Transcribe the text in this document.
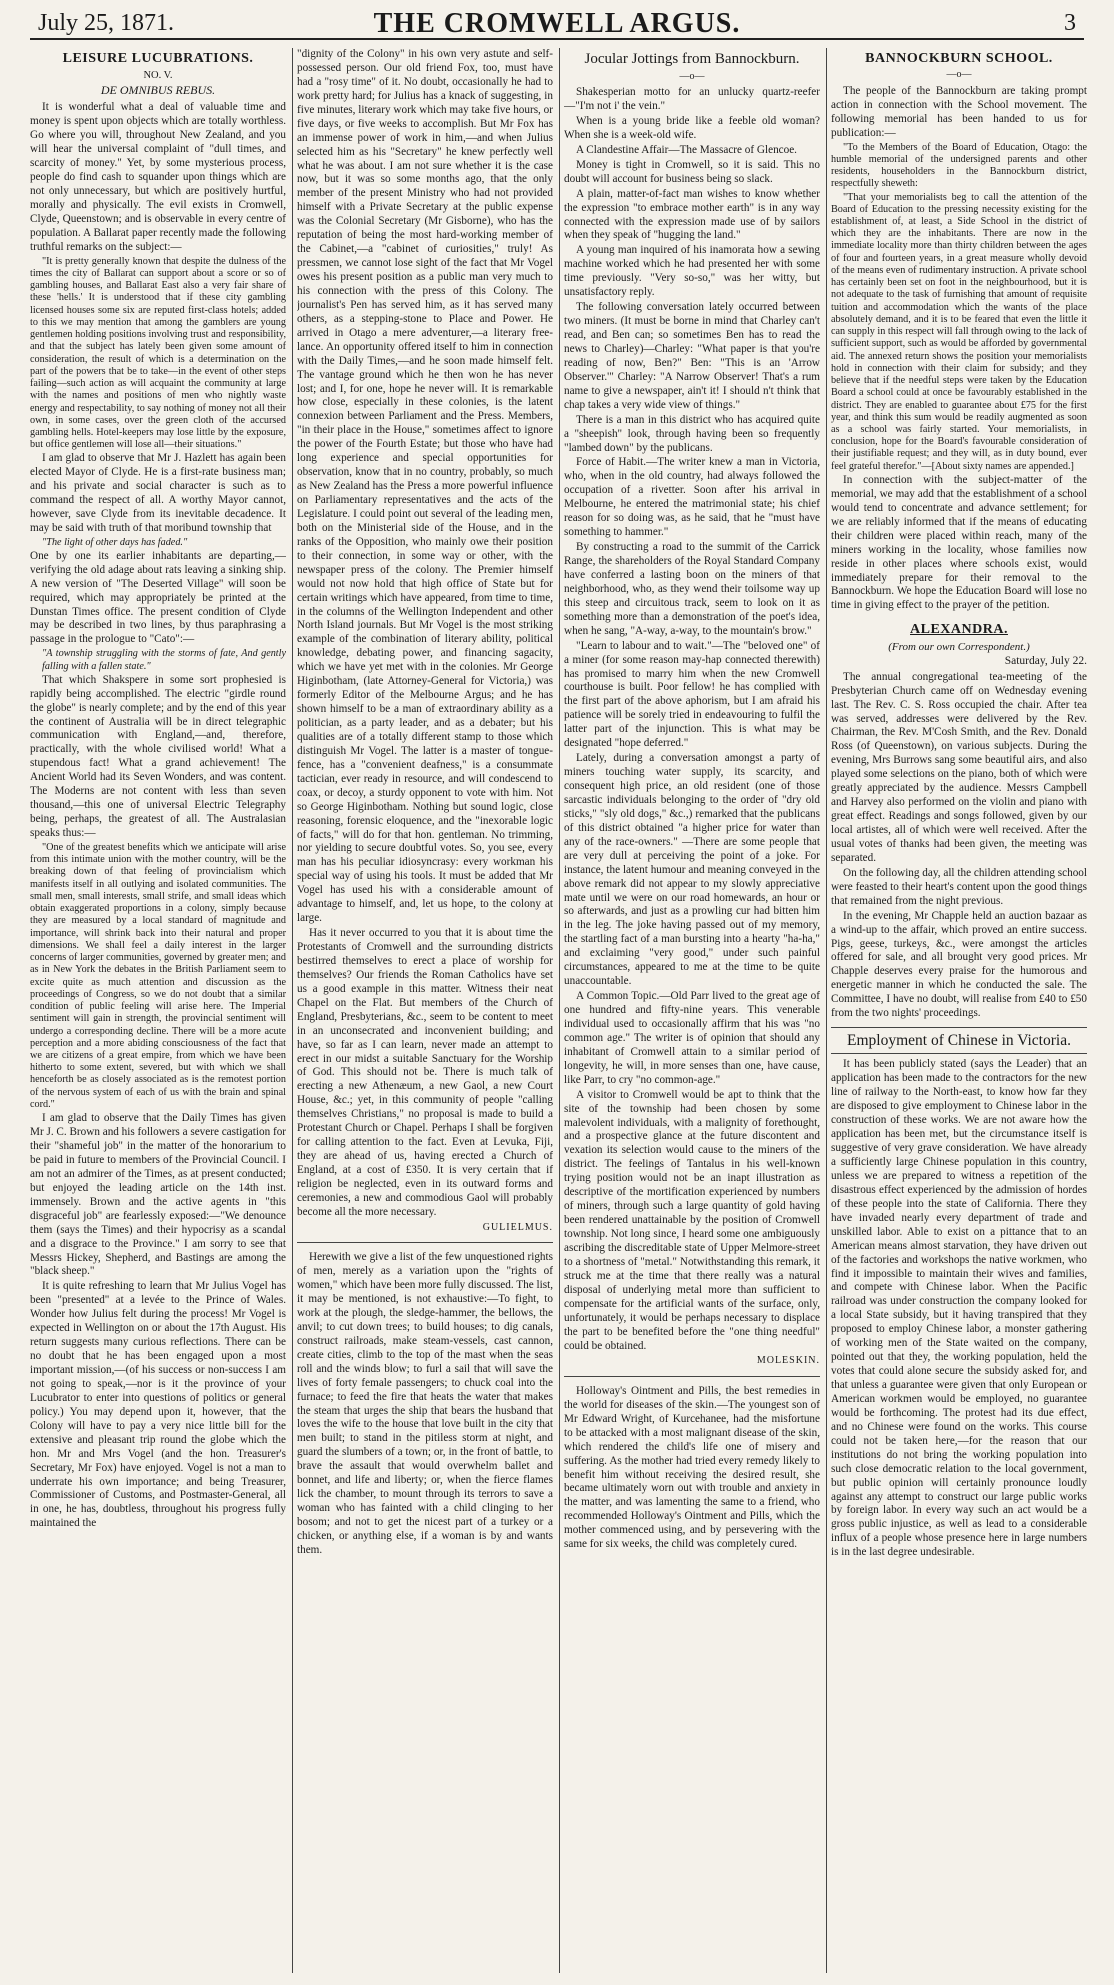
July 25, 1871.	THE CROMWELL ARGUS.	3
LEISURE LUCUBRATIONS.
NO. V.
DE OMNIBUS REBUS.

It is wonderful what a deal of valuable time and money is spent upon objects which are totally worthless. Go where you will, throughout New Zealand, and you will hear the universal complaint of "dull times, and scarcity of money." Yet, by some mysterious process, people do find cash to squander upon things which are not only unnecessary, but which are positively hurtful, morally and physically. The evil exists in Cromwell, Clyde, Queenstown; and is observable in every centre of population. A Ballarat paper recently made the following truthful remarks on the subject:—

"It is pretty generally known that despite the dulness of the times the city of Ballarat can support about a score or so of gambling houses, and Ballarat East also a very fair share of these 'hells.' It is understood that if these city gambling licensed houses some six are reputed first-class hotels; added to this we may mention that among the gamblers are young gentlemen holding positions involving trust and responsibility, and that the subject has lately been given some amount of consideration, the result of which is a determination on the part of the powers that be to take—in the event of other steps failing—such action as will acquaint the community at large with the names and positions of men who nightly waste energy and respectability, to say nothing of money not all their own, in some cases, over the green cloth of the accursed gambling hells. Hotel-keepers may lose little by the exposure, but office gentlemen will lose all—their situations."

I am glad to observe that Mr J. Hazlett has again been elected Mayor of Clyde. He is a first-rate business man; and his private and social character is such as to command the respect of all. A worthy Mayor cannot, however, save Clyde from its inevitable decadence. It may be said with truth of that moribund township that

"The light of other days has faded."

One by one its earlier inhabitants are departing,—verifying the old adage about rats leaving a sinking ship. A new version of "The Deserted Village" will soon be required, which may appropriately be printed at the Dunstan Times office. The present condition of Clyde may be described in two lines, by thus paraphrasing a passage in the prologue to "Cato":—

"A township struggling with the storms of fate, And gently falling with a fallen state."

That which Shakspere in some sort prophesied is rapidly being accomplished. The electric "girdle round the globe" is nearly complete; and by the end of this year the continent of Australia will be in direct telegraphic communication with England,—and, therefore, practically, with the whole civilised world! What a stupendous fact! What a grand achievement! The Ancient World had its Seven Wonders, and was content. The Moderns are not content with less than seven thousand,—this one of universal Electric Telegraphy being, perhaps, the greatest of all. The Australasian speaks thus:—

"One of the greatest benefits which we anticipate will arise from this intimate union with the mother country, will be the breaking down of that feeling of provincialism which manifests itself in all outlying and isolated communities. The small men, small interests, small strife, and small ideas which obtain exaggerated proportions in a colony, simply because they are measured by a local standard of magnitude and importance, will shrink back into their natural and proper dimensions. We shall feel a daily interest in the larger concerns of larger communities, governed by greater men; and as in New York the debates in the British Parliament seem to excite quite as much attention and discussion as the proceedings of Congress, so we do not doubt that a similar condition of public feeling will arise here. The Imperial sentiment will gain in strength, the provincial sentiment will undergo a corresponding decline. There will be a more acute perception and a more abiding consciousness of the fact that we are citizens of a great empire, from which we have been hitherto to some extent, severed, but with which we shall henceforth be as closely associated as is the remotest portion of the nervous system of each of us with the brain and spinal cord."

I am glad to observe that the Daily Times has given Mr J. C. Brown and his followers a severe castigation for their "shameful job" in the matter of the honorarium to be paid in future to members of the Provincial Council. I am not an admirer of the Times, as at present conducted; but enjoyed the leading article on the 14th inst. immensely. Brown and the active agents in "this disgraceful job" are fearlessly exposed:—"We denounce them (says the Times) and their hypocrisy as a scandal and a disgrace to the Province." I am sorry to see that Messrs Hickey, Shepherd, and Bastings are among the "black sheep."

It is quite refreshing to learn that Mr Julius Vogel has been "presented" at a levée to the Prince of Wales. Wonder how Julius felt during the process! Mr Vogel is expected in Wellington on or about the 17th August. His return suggests many curious reflections. There can be no doubt that he has been engaged upon a most important mission,—(of his success or non-success I am not going to speak,—nor is it the province of your Lucubrator to enter into questions of politics or general policy.) You may depend upon it, however, that the Colony will have to pay a very nice little bill for the extensive and pleasant trip round the globe which the hon. Mr and Mrs Vogel (and the hon. Treasurer's Secretary, Mr Fox) have enjoyed. Vogel is not a man to underrate his own importance; and being Treasurer, Commissioner of Customs, and Postmaster-General, all in one, he has, doubtless, throughout his progress fully maintained the

"dignity of the Colony" in his own very astute and self-possessed person. Our old friend Fox, too, must have had a "rosy time" of it. No doubt, occasionally he had to work pretty hard; for Julius has a knack of suggesting, in five minutes, literary work which may take five hours, or five days, or five weeks to accomplish. But Mr Fox has an immense power of work in him,—and when Julius selected him as his "Secretary" he knew perfectly well what he was about. I am not sure whether it is the case now, but it was so some months ago, that the only member of the present Ministry who had not provided himself with a Private Secretary at the public expense was the Colonial Secretary (Mr Gisborne), who has the reputation of being the most hard-working member of the Cabinet,—a "cabinet of curiosities," truly! As pressmen, we cannot lose sight of the fact that Mr Vogel owes his present position as a public man very much to his connection with the press of this Colony. The journalist's Pen has served him, as it has served many others, as a stepping-stone to Place and Power. He arrived in Otago a mere adventurer,—a literary free-lance. An opportunity offered itself to him in connection with the Daily Times,—and he soon made himself felt. The vantage ground which he then won he has never lost; and I, for one, hope he never will. It is remarkable how close, especially in these colonies, is the latent connexion between Parliament and the Press. Members, "in their place in the House," sometimes affect to ignore the power of the Fourth Estate; but those who have had long experience and special opportunities for observation, know that in no country, probably, so much as New Zealand has the Press a more powerful influence on Parliamentary representatives and the acts of the Legislature. I could point out several of the leading men, both on the Ministerial side of the House, and in the ranks of the Opposition, who mainly owe their position to their connection, in some way or other, with the newspaper press of the colony. The Premier himself would not now hold that high office of State but for certain writings which have appeared, from time to time, in the columns of the Wellington Independent and other North Island journals. But Mr Vogel is the most striking example of the combination of literary ability, political knowledge, debating power, and financing sagacity, which we have yet met with in the colonies. Mr George Higinbotham, (late Attorney-General for Victoria,) was formerly Editor of the Melbourne Argus; and he has shown himself to be a man of extraordinary ability as a politician, as a party leader, and as a debater; but his qualities are of a totally different stamp to those which distinguish Mr Vogel. The latter is a master of tongue-fence, has a "convenient deafness," is a consummate tactician, ever ready in resource, and will condescend to coax, or decoy, a sturdy opponent to vote with him. Not so George Higinbotham. Nothing but sound logic, close reasoning, forensic eloquence, and the "inexorable logic of facts," will do for that hon. gentleman. No trimming, nor yielding to secure doubtful votes. So, you see, every man has his peculiar idiosyncrasy: every workman his special way of using his tools. It must be added that Mr Vogel has used his with a considerable amount of advantage to himself, and, let us hope, to the colony at large.

Has it never occurred to you that it is about time the Protestants of Cromwell and the surrounding districts bestirred themselves to erect a place of worship for themselves? Our friends the Roman Catholics have set us a good example in this matter. Witness their neat Chapel on the Flat. But members of the Church of England, Presbyterians, &c., seem to be content to meet in an unconsecrated and inconvenient building; and have, so far as I can learn, never made an attempt to erect in our midst a suitable Sanctuary for the Worship of God. This should not be. There is much talk of erecting a new Athenæum, a new Gaol, a new Court House, &c.; yet, in this community of people "calling themselves Christians," no proposal is made to build a Protestant Church or Chapel. Perhaps I shall be forgiven for calling attention to the fact. Even at Levuka, Fiji, they are ahead of us, having erected a Church of England, at a cost of £350. It is very certain that if religion be neglected, even in its outward forms and ceremonies, a new and commodious Gaol will probably become all the more necessary.

GULIELMUS.

Herewith we give a list of the few unquestioned rights of men, merely as a variation upon the "rights of women," which have been more fully discussed. The list, it may be mentioned, is not exhaustive:—To fight, to work at the plough, the sledge-hammer, the bellows, the anvil; to cut down trees; to build houses; to dig canals, construct railroads, make steam-vessels, cast cannon, create cities, climb to the top of the mast when the seas roll and the winds blow; to furl a sail that will save the lives of forty female passengers; to chuck coal into the furnace; to feed the fire that heats the water that makes the steam that urges the ship that bears the husband that loves the wife to the house that love built in the city that men built; to stand in the pitiless storm at night, and guard the slumbers of a town; or, in the front of battle, to brave the assault that would overwhelm ballet and bonnet, and life and liberty; or, when the fierce flames lick the chamber, to mount through its terrors to save a woman who has fainted with a child clinging to her bosom; and not to get the nicest part of a turkey or a chicken, or anything else, if a woman is by and wants them.

Jocular Jottings from Bannockburn.
—o—

Shakesperian motto for an unlucky quartz-reefer—"I'm not i' the vein."

When is a young bride like a feeble old woman? When she is a week-old wife.

A Clandestine Affair—The Massacre of Glencoe.

Money is tight in Cromwell, so it is said. This no doubt will account for business being so slack.

A plain, matter-of-fact man wishes to know whether the expression "to embrace mother earth" is in any way connected with the expression made use of by sailors when they speak of "hugging the land."

A young man inquired of his inamorata how a sewing machine worked which he had presented her with some time previously. "Very so-so," was her witty, but unsatisfactory reply.

The following conversation lately occurred between two miners. (It must be borne in mind that Charley can't read, and Ben can; so sometimes Ben has to read the news to Charley)—Charley: "What paper is that you're reading of now, Ben?" Ben: "This is an 'Arrow Observer.'" Charley: "A Narrow Observer! That's a rum name to give a newspaper, ain't it! I should n't think that chap takes a very wide view of things."

There is a man in this district who has acquired quite a "sheepish" look, through having been so frequently "lambed down" by the publicans.

Force of Habit.—The writer knew a man in Victoria, who, when in the old country, had always followed the occupation of a rivetter. Soon after his arrival in Melbourne, he entered the matrimonial state; his chief reason for so doing was, as he said, that he "must have something to hammer."

By constructing a road to the summit of the Carrick Range, the shareholders of the Royal Standard Company have conferred a lasting boon on the miners of that neighborhood, who, as they wend their toilsome way up this steep and circuitous track, seem to look on it as something more than a demonstration of the poet's idea, when he sang, "A-way, a-way, to the mountain's brow."

"Learn to labour and to wait."—The "beloved one" of a miner (for some reason may-hap connected therewith) has promised to marry him when the new Cromwell courthouse is built. Poor fellow! he has complied with the first part of the above aphorism, but I am afraid his patience will be sorely tried in endeavouring to fulfil the latter part of the injunction. This is what may be designated "hope deferred."

Lately, during a conversation amongst a party of miners touching water supply, its scarcity, and consequent high price, an old resident (one of those sarcastic individuals belonging to the order of "dry old sticks," "sly old dogs," &c.,) remarked that the publicans of this district obtained "a higher price for water than any of the race-owners." —There are some people that are very dull at perceiving the point of a joke. For instance, the latent humour and meaning conveyed in the above remark did not appear to my slowly appreciative mate until we were on our road homewards, an hour or so afterwards, and just as a prowling cur had bitten him in the leg. The joke having passed out of my memory, the startling fact of a man bursting into a hearty "ha-ha," and exclaiming "very good," under such painful circumstances, appeared to me at the time to be quite unaccountable.

A Common Topic.—Old Parr lived to the great age of one hundred and fifty-nine years. This venerable individual used to occasionally affirm that his was "no common age." The writer is of opinion that should any inhabitant of Cromwell attain to a similar period of longevity, he will, in more senses than one, have cause, like Parr, to cry "no common-age."

A visitor to Cromwell would be apt to think that the site of the township had been chosen by some malevolent individuals, with a malignity of forethought, and a prospective glance at the future discontent and vexation its selection would cause to the miners of the district. The feelings of Tantalus in his well-known trying position would not be an inapt illustration as descriptive of the mortification experienced by numbers of miners, through such a large quantity of gold having been rendered unattainable by the position of Cromwell township. Not long since, I heard some one ambiguously ascribing the discreditable state of Upper Melmore-street to a shortness of "metal." Notwithstanding this remark, it struck me at the time that there really was a natural disposal of underlying metal more than sufficient to compensate for the artificial wants of the surface, only, unfortunately, it would be perhaps necessary to displace the part to be benefited before the "one thing needful" could be obtained.

MOLESKIN.

Holloway's Ointment and Pills, the best remedies in the world for diseases of the skin.—The youngest son of Mr Edward Wright, of Kurcehanee, had the misfortune to be attacked with a most malignant disease of the skin, which rendered the child's life one of misery and suffering. As the mother had tried every remedy likely to benefit him without receiving the desired result, she became ultimately worn out with trouble and anxiety in the matter, and was lamenting the same to a friend, who recommended Holloway's Ointment and Pills, which the mother commenced using, and by persevering with the same for six weeks, the child was completely cured.

BANNOCKBURN SCHOOL.
—o—

The people of the Bannockburn are taking prompt action in connection with the School movement. The following memorial has been handed to us for publication:—

"To the Members of the Board of Education, Otago: the humble memorial of the undersigned parents and other residents, householders in the Bannockburn district, respectfully sheweth:

"That your memorialists beg to call the attention of the Board of Education to the pressing necessity existing for the establishment of, at least, a Side School in the district of which they are the inhabitants. There are now in the immediate locality more than thirty children between the ages of four and fourteen years, in a great measure wholly devoid of the means even of rudimentary instruction. A private school has certainly been set on foot in the neighbourhood, but it is not adequate to the task of furnishing that amount of requisite tuition and accommodation which the wants of the place absolutely demand, and it is to be feared that even the little it can supply in this respect will fall through owing to the lack of sufficient support, such as would be afforded by governmental aid. The annexed return shows the position your memorialists hold in connection with their claim for subsidy; and they believe that if the needful steps were taken by the Education Board a school could at once be favourably established in the district. They are enabled to guarantee about £75 for the first year, and think this sum would be readily augmented as soon as a school was fairly started. Your memorialists, in conclusion, hope for the Board's favourable consideration of their justifiable request; and they will, as in duty bound, ever feel grateful therefor."—[About sixty names are appended.]

In connection with the subject-matter of the memorial, we may add that the establishment of a school would tend to concentrate and advance settlement; for we are reliably informed that if the means of educating their children were placed within reach, many of the miners working in the locality, whose families now reside in other places where schools exist, would immediately prepare for their removal to the Bannockburn. We hope the Education Board will lose no time in giving effect to the prayer of the petition.

ALEXANDRA.
(From our own Correspondent.)
Saturday, July 22.

The annual congregational tea-meeting of the Presbyterian Church came off on Wednesday evening last. The Rev. C. S. Ross occupied the chair. After tea was served, addresses were delivered by the Rev. Chairman, the Rev. M'Cosh Smith, and the Rev. Donald Ross (of Queenstown), on various subjects. During the evening, Mrs Burrows sang some beautiful airs, and also played some selections on the piano, both of which were greatly appreciated by the audience. Messrs Campbell and Harvey also performed on the violin and piano with great effect. Readings and songs followed, given by our local artistes, all of which were well received. After the usual votes of thanks had been given, the meeting was separated.

On the following day, all the children attending school were feasted to their heart's content upon the good things that remained from the night previous.

In the evening, Mr Chapple held an auction bazaar as a wind-up to the affair, which proved an entire success. Pigs, geese, turkeys, &c., were amongst the articles offered for sale, and all brought very good prices. Mr Chapple deserves every praise for the humorous and energetic manner in which he conducted the sale. The Committee, I have no doubt, will realise from £40 to £50 from the two nights' proceedings.

Employment of Chinese in Victoria.

It has been publicly stated (says the Leader) that an application has been made to the contractors for the new line of railway to the North-east, to know how far they are disposed to give employment to Chinese labor in the construction of these works. We are not aware how the application has been met, but the circumstance itself is suggestive of very grave consideration. We have already a sufficiently large Chinese population in this country, unless we are prepared to witness a repetition of the disastrous effect experienced by the admission of hordes of these people into the state of California. There they have invaded nearly every department of trade and unskilled labor. Able to exist on a pittance that to an American means almost starvation, they have driven out of the factories and workshops the native workmen, who find it impossible to maintain their wives and families, and compete with Chinese labor. When the Pacific railroad was under construction the company looked for a local State subsidy, but it having transpired that they proposed to employ Chinese labor, a monster gathering of working men of the State waited on the company, pointed out that they, the working population, held the votes that could alone secure the subsidy asked for, and that unless a guarantee were given that only European or American workmen would be employed, no guarantee would be forthcoming. The protest had its due effect, and no Chinese were found on the works. This course could not be taken here,—for the reason that our institutions do not bring the working population into such close democratic relation to the local government, but public opinion will certainly pronounce loudly against any attempt to construct our large public works by foreign labor. In every way such an act would be a gross public injustice, as well as lead to a considerable influx of a people whose presence here in large numbers is in the last degree undesirable.
